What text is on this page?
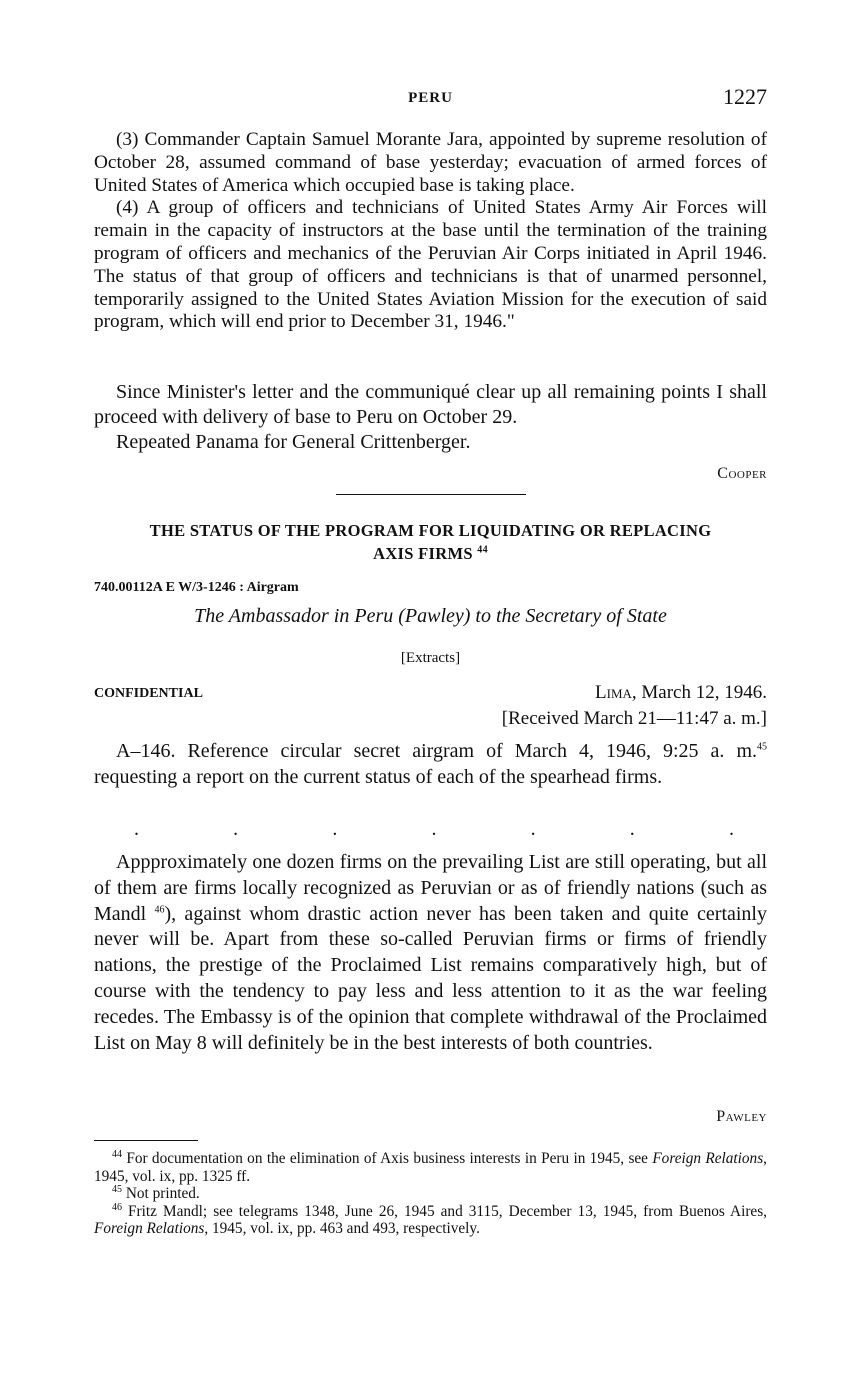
PERU	1227

(3) Commander Captain Samuel Morante Jara, appointed by supreme resolution of October 28, assumed command of base yesterday; evacuation of armed forces of United States of America which occupied base is taking place.

(4) A group of officers and technicians of United States Army Air Forces will remain in the capacity of instructors at the base until the termination of the training program of officers and mechanics of the Peruvian Air Corps initiated in April 1946. The status of that group of officers and technicians is that of unarmed personnel, temporarily assigned to the United States Aviation Mission for the execution of said program, which will end prior to December 31, 1946."

Since Minister's letter and the communiqué clear up all remaining points I shall proceed with delivery of base to Peru on October 29.

Repeated Panama for General Crittenberger.

Cooper

THE STATUS OF THE PROGRAM FOR LIQUIDATING OR REPLACING
AXIS FIRMS $^{44}$
740.00112A E W/3-1246 : Airgram
The Ambassador in Peru (Pawley) to the Secretary of State
[Extracts]
CONFIDENTIAL	Lima, March 12, 1946.
[Received March 21—11:47 a. m.]

A–146. Reference circular secret airgram of March 4, 1946, 9:25 a. m.$^{45}$ requesting a report on the current status of each of the spearhead firms.

.	.	.	.	.	.	.

Appproximately one dozen firms on the prevailing List are still operating, but all of them are firms locally recognized as Peruvian or as of friendly nations (such as Mandl $^{46}$), against whom drastic action never has been taken and quite certainly never will be. Apart from these so-called Peruvian firms or firms of friendly nations, the prestige of the Proclaimed List remains comparatively high, but of course with the tendency to pay less and less attention to it as the war feeling recedes. The Embassy is of the opinion that complete withdrawal of the Proclaimed List on May 8 will definitely be in the best interests of both countries.

Pawley

$^{44}$ For documentation on the elimination of Axis business interests in Peru in 1945, see Foreign Relations, 1945, vol. ix, pp. 1325 ff.

$^{45}$ Not printed.

$^{46}$ Fritz Mandl; see telegrams 1348, June 26, 1945 and 3115, December 13, 1945, from Buenos Aires, Foreign Relations, 1945, vol. ix, pp. 463 and 493, respectively.
